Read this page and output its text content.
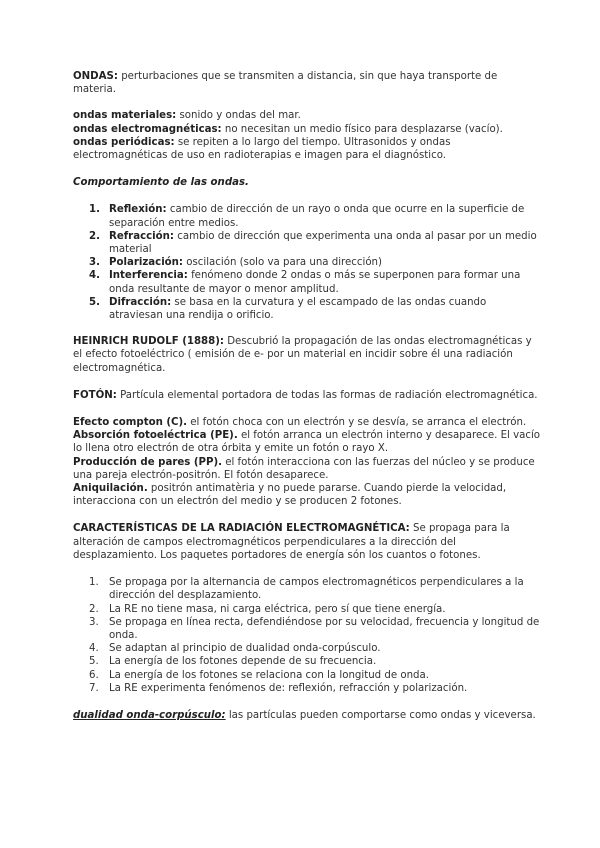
ONDAS: perturbaciones que se transmiten a distancia, sin que haya transporte de materia.

ondas materiales: sonido y ondas del mar.

ondas electromagnéticas: no necesitan un medio físico para desplazarse (vacío).

ondas periódicas: se repiten a lo largo del tiempo. Ultrasonidos y ondas electromagnéticas de uso en radioterapias e imagen para el diagnóstico.

Comportamiento de las ondas.

1. Reflexión: cambio de dirección de un rayo o onda que ocurre en la superficie de separación entre medios.
2. Refracción: cambio de dirección que experimenta una onda al pasar por un medio material
3. Polarización: oscilación (solo va para una dirección)
4. Interferencia: fenómeno donde 2 ondas o más se superponen para formar una onda resultante de mayor o menor amplitud.
5. Difracción: se basa en la curvatura y el escampado de las ondas cuando atraviesan una rendija o orificio.

HEINRICH RUDOLF (1888): Descubrió la propagación de las ondas electromagnéticas y el efecto fotoeléctrico ( emisión de e- por un material en incidir sobre él una radiación electromagnética.

FOTÓN: Partícula elemental portadora de todas las formas de radiación electromagnética.

Efecto compton (C). el fotón choca con un electrón y se desvía, se arranca el electrón.

Absorción fotoeléctrica (PE). el fotón arranca un electrón interno y desaparece. El vacío lo llena otro electrón de otra órbita y emite un fotón o rayo X.

Producción de pares (PP). el fotón interacciona con las fuerzas del núcleo y se produce una pareja electrón-positrón. El fotón desaparece.

Aniquilación. positrón antimatèria y no puede pararse. Cuando pierde la velocidad, interacciona con un electrón del medio y se producen 2 fotones.

CARACTERÍSTICAS DE LA RADIACIÓN ELECTROMAGNÉTICA: Se propaga para la alteración de campos electromagnéticos perpendiculares a la dirección del desplazamiento. Los paquetes portadores de energía són los cuantos o fotones.

1.	Se propaga por la alternancia de campos electromagnéticos perpendiculares a la dirección del desplazamiento.
2.	La RE no tiene masa, ni carga eléctrica, pero sí que tiene energía.
3.	Se propaga en línea recta, defendiéndose por su velocidad, frecuencia y longitud de onda.
4.	Se adaptan al principio de dualidad onda-corpúsculo.
5.	La energía de los fotones depende de su frecuencia.
6.	La energía de los fotones se relaciona con la longitud de onda.
7.	La RE experimenta fenómenos de: reflexión, refracción y polarización.

dualidad onda-corpúsculo: las partículas pueden comportarse como ondas y viceversa.
